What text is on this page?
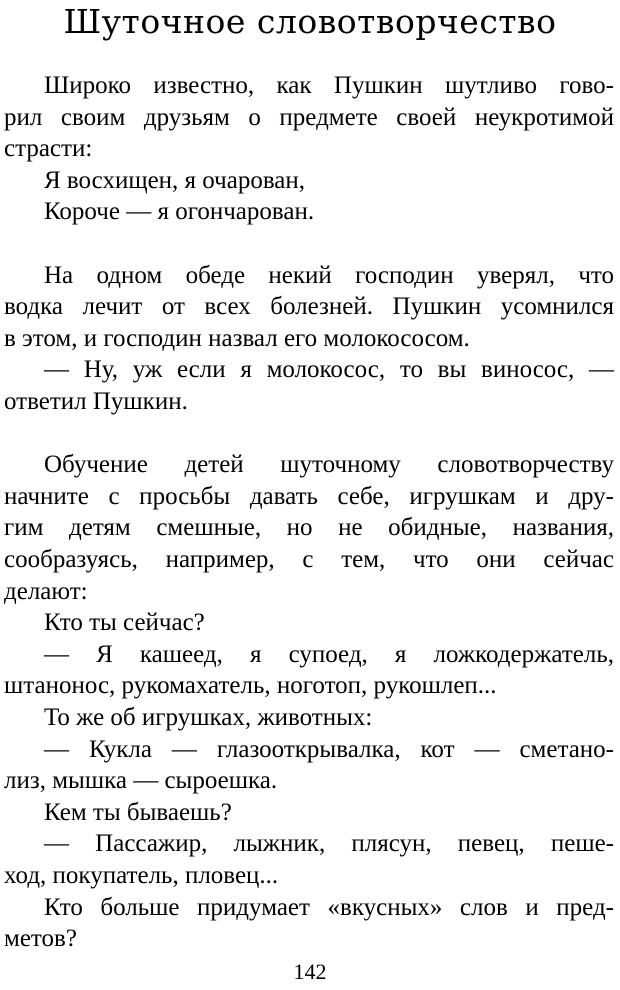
Шуточное словотворчество
Широко известно, как Пушкин шутливо гово-
рил своим друзьям о предмете своей неукротимой
страсти:
Я восхищен, я очарован,
Короче — я огончарован.
На одном обеде некий господин уверял, что
водка лечит от всех болезней. Пушкин усомнился
в этом, и господин назвал его молокососом.
— Ну, уж если я молокосос, то вы виносос, —
ответил Пушкин.
Обучение детей шуточному словотворчеству
начните с просьбы давать себе, игрушкам и дру-
гим детям смешные, но не обидные, названия,
сообразуясь, например, с тем, что они сейчас
делают:
Кто ты сейчас?
— Я кашеед, я супоед, я ложкодержатель,
штанонос, рукомахатель, ноготоп, рукошлеп...
То же об игрушках, животных:
— Кукла — глазооткрывалка, кот — сметано-
лиз, мышка — сыроешка.
Кем ты бываешь?
— Пассажир, лыжник, плясун, певец, пеше-
ход, покупатель, пловец...
метов?
Кто больше придумает «вкусных» слов и пред-
142
